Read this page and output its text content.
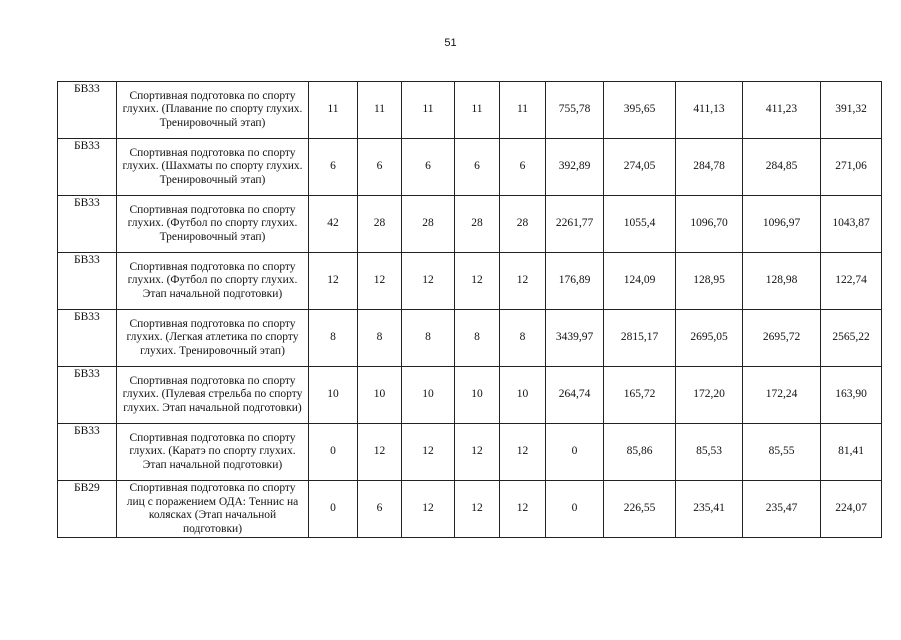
51
БВ33	Спортивная подготовка по спорту глухих. (Плавание по спорту глухих. Тренировочный этап)	11	11	11	11	11	755,78	395,65	411,13	411,23	391,32
БВ33	Спортивная подготовка по спорту глухих. (Шахматы по спорту глухих. Тренировочный этап)	6	6	6	6	6	392,89	274,05	284,78	284,85	271,06
БВ33	Спортивная подготовка по спорту глухих. (Футбол по спорту глухих. Тренировочный этап)	42	28	28	28	28	2261,77	1055,4	1096,70	1096,97	1043,87
БВ33	Спортивная подготовка по спорту глухих. (Футбол по спорту глухих. Этап начальной подготовки)	12	12	12	12	12	176,89	124,09	128,95	128,98	122,74
БВ33	Спортивная подготовка по спорту глухих. (Легкая атлетика по спорту глухих. Тренировочный этап)	8	8	8	8	8	3439,97	2815,17	2695,05	2695,72	2565,22
БВ33	Спортивная подготовка по спорту глухих. (Пулевая стрельба по спорту глухих. Этап начальной подготовки)	10	10	10	10	10	264,74	165,72	172,20	172,24	163,90
БВ33	Спортивная подготовка по спорту глухих. (Каратэ по спорту глухих. Этап начальной подготовки)	0	12	12	12	12	0	85,86	85,53	85,55	81,41
БВ29	Спортивная подготовка по спорту лиц с поражением ОДА: Теннис на колясках (Этап начальной подготовки)	0	6	12	12	12	0	226,55	235,41	235,47	224,07
